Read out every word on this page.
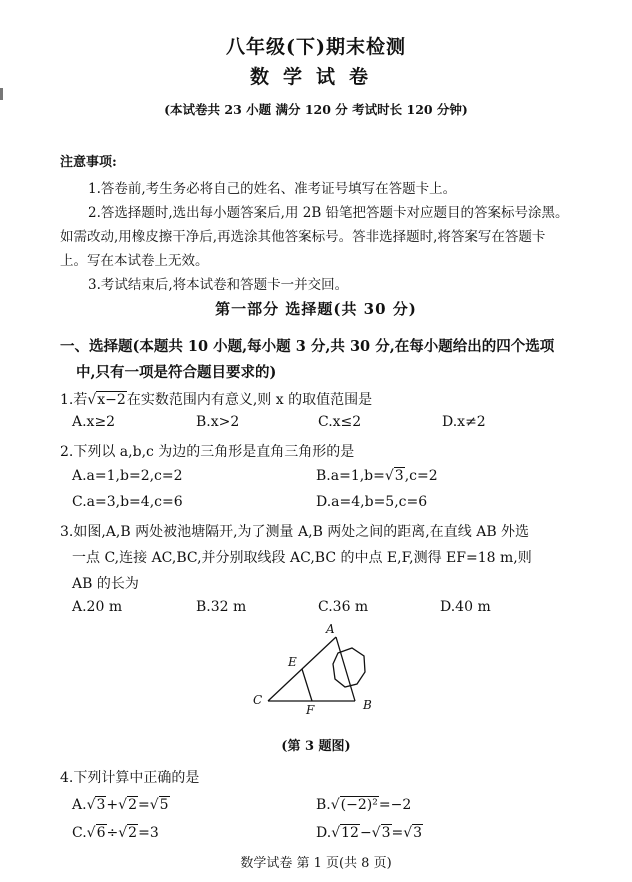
八年级(下)期末检测
数学试卷
(本试卷共 23 小题 满分 120 分 考试时长 120 分钟)
注意事项:
1.答卷前,考生务必将自己的姓名、准考证号填写在答题卡上。
2.答选择题时,选出每小题答案后,用 2B 铅笔把答题卡对应题目的答案标号涂黑。
如需改动,用橡皮擦干净后,再选涂其他答案标号。答非选择题时,将答案写在答题卡
上。写在本试卷上无效。
3.考试结束后,将本试卷和答题卡一并交回。
第一部分 选择题(共 30 分)
一、选择题(本题共 10 小题,每小题 3 分,共 30 分,在每小题给出的四个选项
中,只有一项是符合题目要求的)
1.若√x−2在实数范围内有意义,则 x 的取值范围是
A.x≥2	B.x>2	C.x≤2	D.x≠2
2.下列以 a,b,c 为边的三角形是直角三角形的是
A.a=1,b=2,c=2	B.a=1,b=√3,c=2
C.a=3,b=4,c=6	D.a=4,b=5,c=6
3.如图,A,B 两处被池塘隔开,为了测量 A,B 两处之间的距离,在直线 AB 外选
一点 C,连接 AC,BC,并分别取线段 AC,BC 的中点 E,F,测得 EF=18 m,则
AB 的长为
A.20 m	B.32 m	C.36 m	D.40 m
A
B
C
E
F
(第 3 题图)
4.下列计算中正确的是
A.√3+√2=√5	B.√(−2)²=−2
C.√6÷√2=3	D.√12−√3=√3
数学试卷 第 1 页(共 8 页)
